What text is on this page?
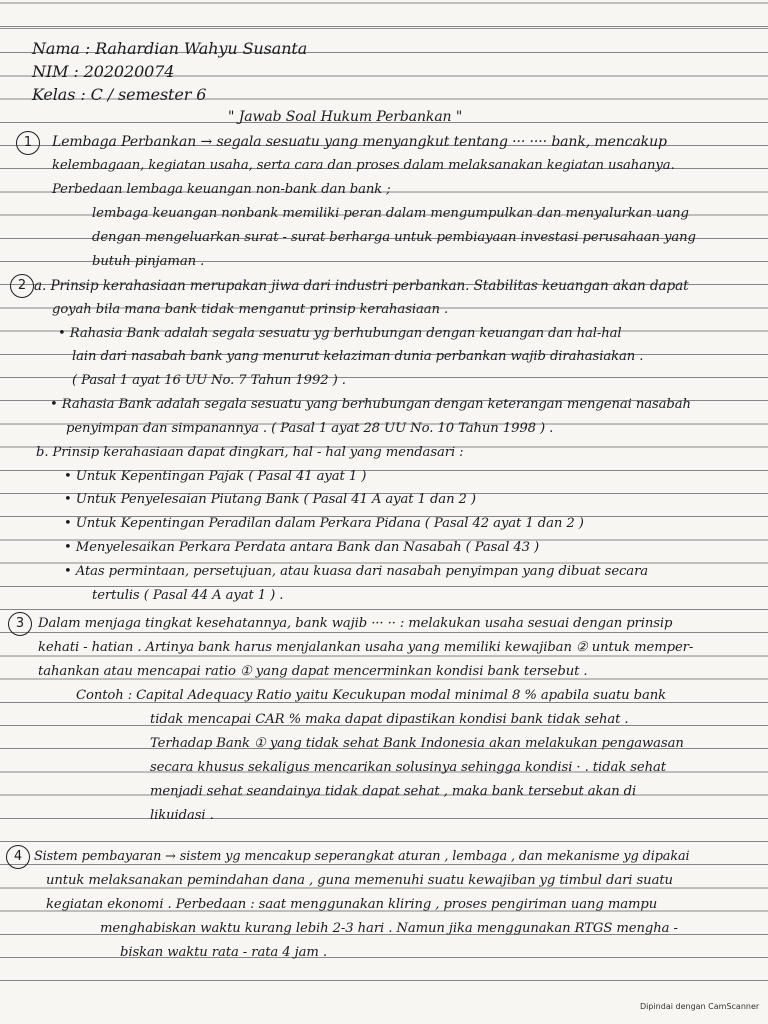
Nama : Rahardian Wahyu Susanta
NIM : 202020074
Kelas : C / semester 6
" Jawab Soal Hukum Perbankan "
1	Lembaga Perbankan → segala sesuatu yang menyangkut tentang ··· ···· bank, mencakup
kelembagaan, kegiatan usaha, serta cara dan proses dalam melaksanakan kegiatan usahanya.
Perbedaan lembaga keuangan non-bank dan bank ;
lembaga keuangan nonbank memiliki peran dalam mengumpulkan dan menyalurkan uang
dengan mengeluarkan surat - surat berharga untuk pembiayaan investasi perusahaan yang
butuh pinjaman .
2 a. Prinsip kerahasiaan merupakan jiwa dari industri perbankan. Stabilitas keuangan akan dapat
goyah bila mana bank tidak menganut prinsip kerahasiaan .
• Rahasia Bank adalah segala sesuatu yg berhubungan dengan keuangan dan hal-hal
lain dari nasabah bank yang menurut kelaziman dunia perbankan wajib dirahasiakan .
( Pasal 1 ayat 16 UU No. 7 Tahun 1992 ) .
• Rahasia Bank adalah segala sesuatu yang berhubungan dengan keterangan mengenai nasabah
penyimpan dan simpanannya . ( Pasal 1 ayat 28 UU No. 10 Tahun 1998 ) .
b. Prinsip kerahasiaan dapat dingkari, hal - hal yang mendasari :
• Untuk Kepentingan Pajak ( Pasal 41 ayat 1 )
• Untuk Penyelesaian Piutang Bank ( Pasal 41 A ayat 1 dan 2 )
• Untuk Kepentingan Peradilan dalam Perkara Pidana ( Pasal 42 ayat 1 dan 2 )
• Menyelesaikan Perkara Perdata antara Bank dan Nasabah ( Pasal 43 )
• Atas permintaan, persetujuan, atau kuasa dari nasabah penyimpan yang dibuat secara
tertulis ( Pasal 44 A ayat 1 ) .
3	Dalam menjaga tingkat kesehatannya, bank wajib ··· ·· : melakukan usaha sesuai dengan prinsip
kehati - hatian . Artinya bank harus menjalankan usaha yang memiliki kewajiban ② untuk memper-
tahankan atau mencapai ratio ① yang dapat mencerminkan kondisi bank tersebut .
Contoh : Capital Adequacy Ratio yaitu Kecukupan modal minimal 8 % apabila suatu bank
tidak mencapai CAR % maka dapat dipastikan kondisi bank tidak sehat .
Terhadap Bank ① yang tidak sehat Bank Indonesia akan melakukan pengawasan
secara khusus sekaligus mencarikan solusinya sehingga kondisi · . tidak sehat
menjadi sehat seandainya tidak dapat sehat , maka bank tersebut akan di
likuidasi .
4 Sistem pembayaran → sistem yg mencakup seperangkat aturan , lembaga , dan mekanisme yg dipakai
untuk melaksanakan pemindahan dana , guna memenuhi suatu kewajiban yg timbul dari suatu
kegiatan ekonomi . Perbedaan : saat menggunakan kliring , proses pengiriman uang mampu
menghabiskan waktu kurang lebih 2-3 hari . Namun jika menggunakan RTGS mengha -
biskan waktu rata - rata 4 jam .
Dipindai dengan CamScanner
